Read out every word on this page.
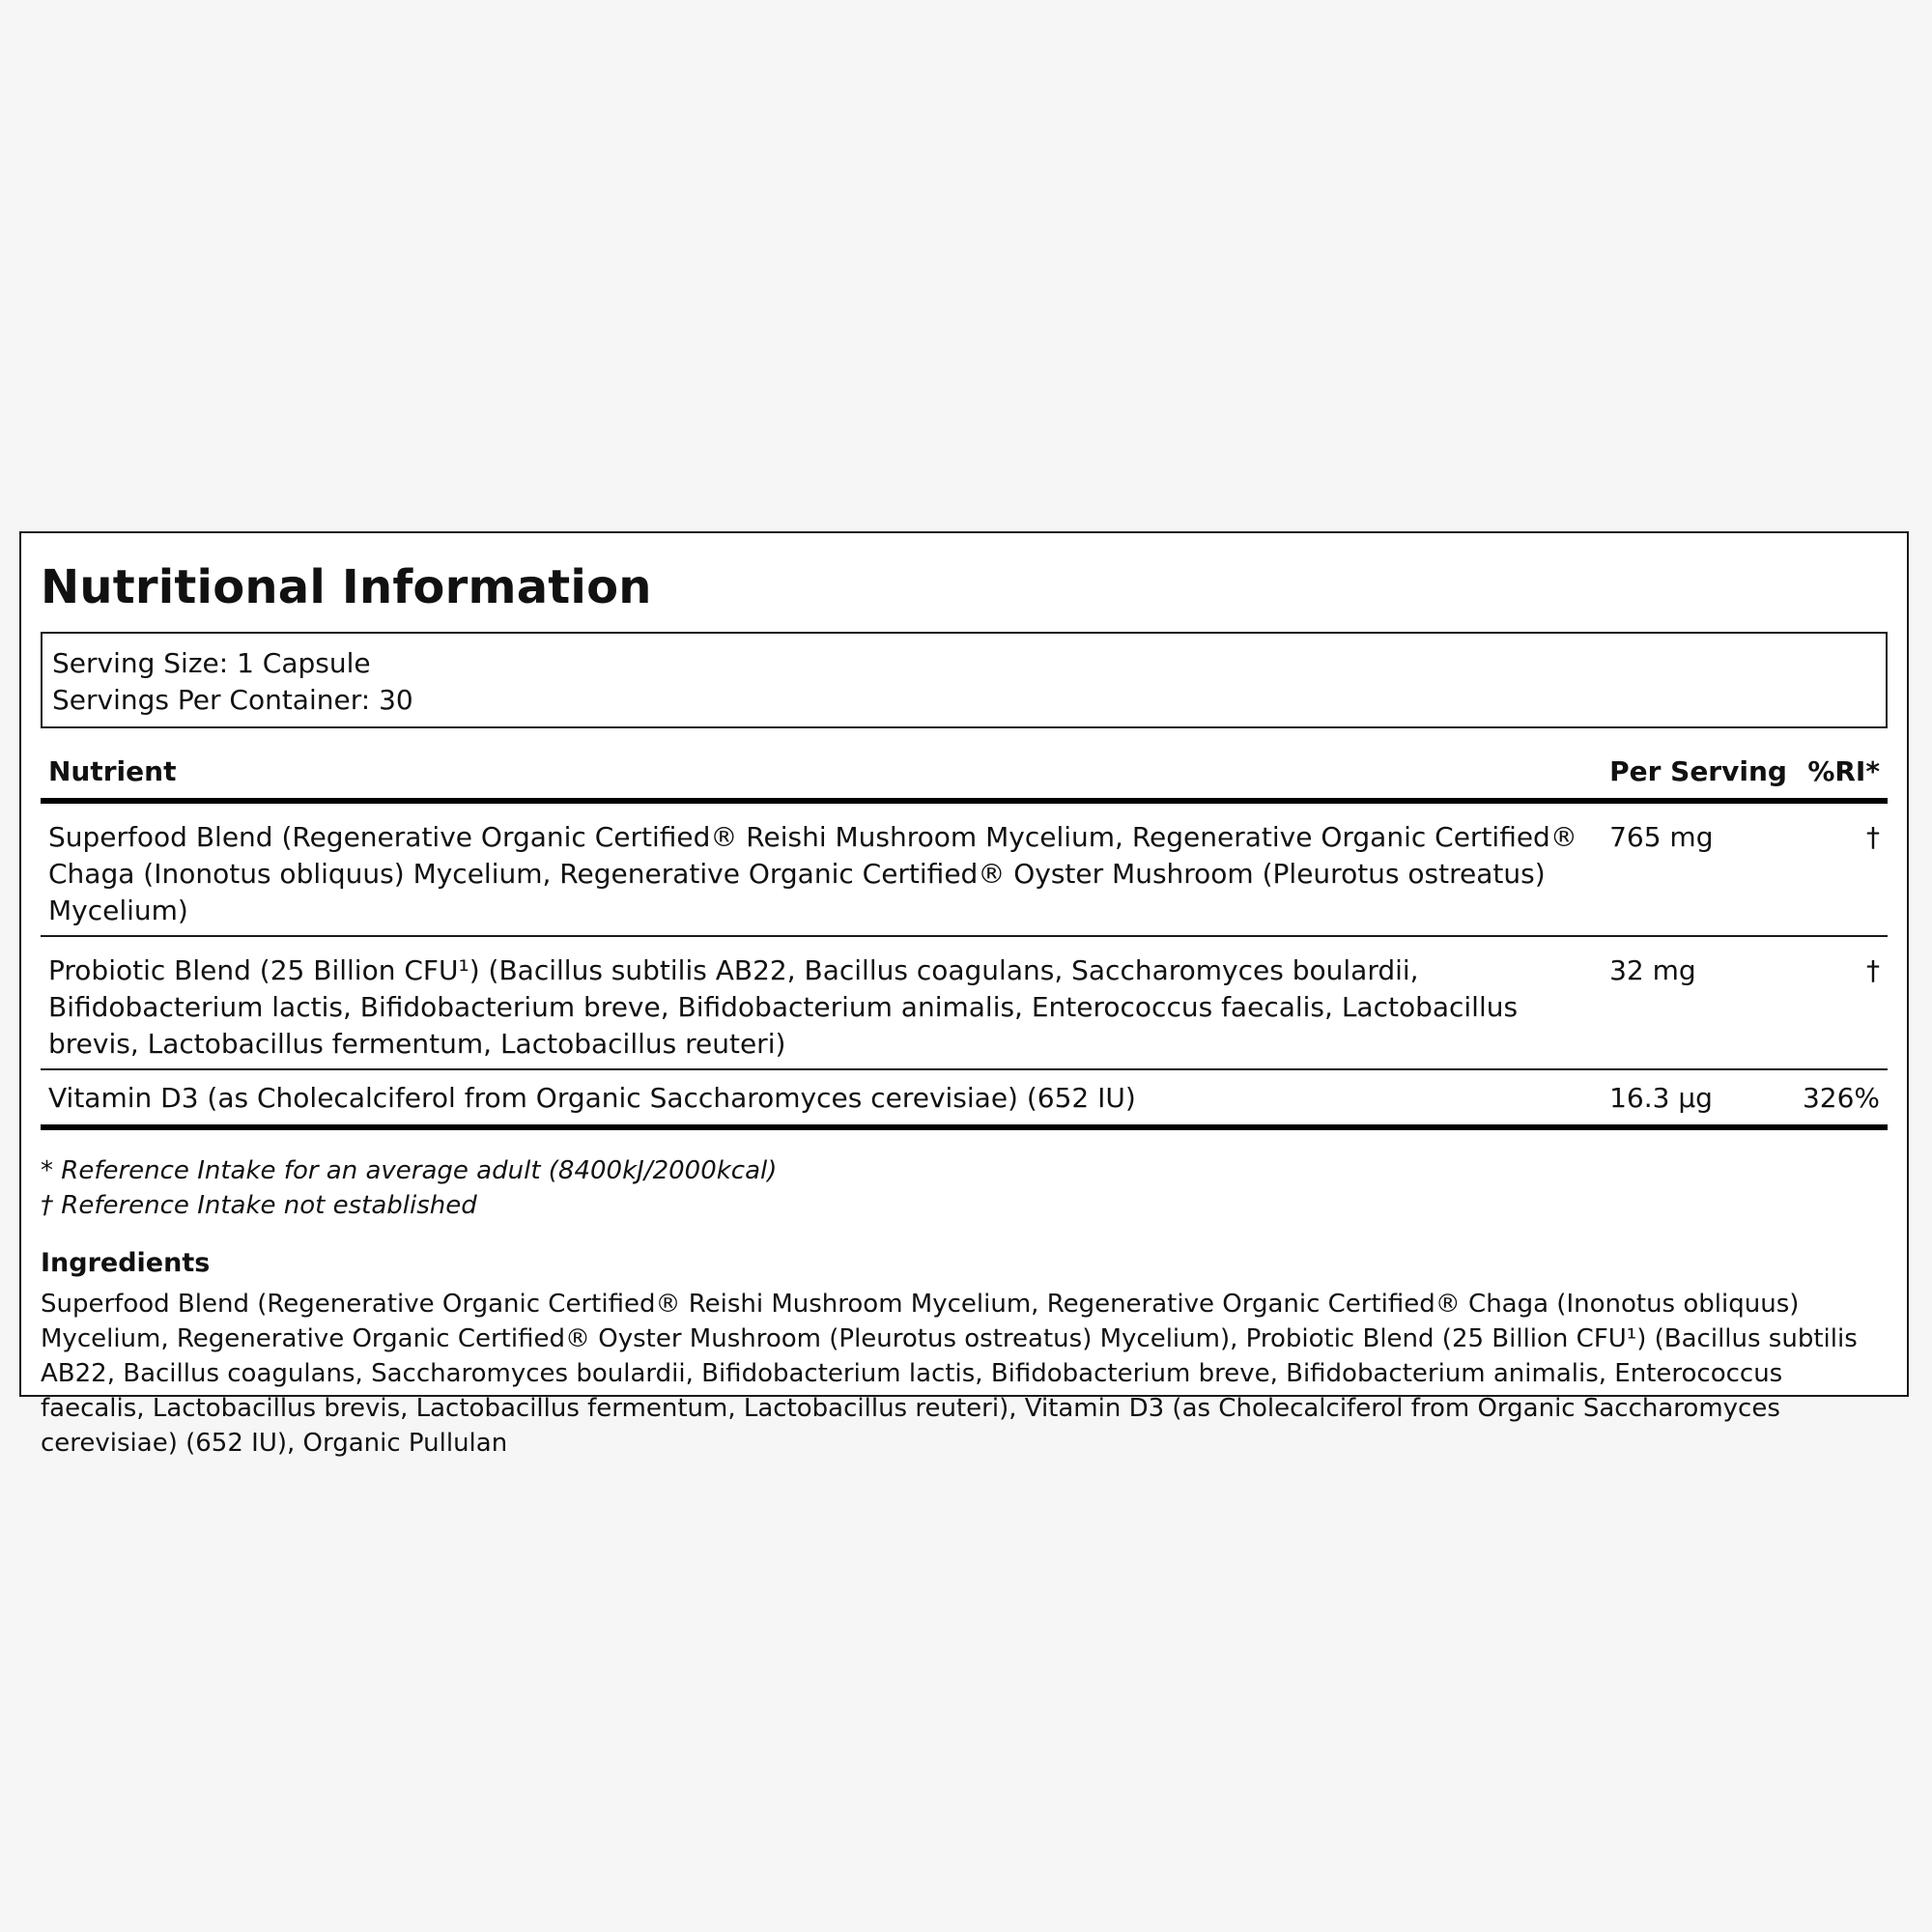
Nutritional Information
Serving Size: 1 Capsule
Servings Per Container: 30
Nutrient	Per Serving	%RI*
Superfood Blend (Regenerative Organic Certified® Reishi Mushroom Mycelium, Regenerative Organic Certified® Chaga (Inonotus obliquus) Mycelium, Regenerative Organic Certified® Oyster Mushroom (Pleurotus ostreatus) Mycelium)	765 mg	†
Probiotic Blend (25 Billion CFU¹) (Bacillus subtilis AB22, Bacillus coagulans, Saccharomyces boulardii, Bifidobacterium lactis, Bifidobacterium breve, Bifidobacterium animalis, Enterococcus faecalis, Lactobacillus brevis, Lactobacillus fermentum, Lactobacillus reuteri)	32 mg	†
Vitamin D3 (as Cholecalciferol from Organic Saccharomyces cerevisiae) (652 IU)	16.3 µg	326%
* Reference Intake for an average adult (8400kJ/2000kcal)
† Reference Intake not established
Ingredients
Superfood Blend (Regenerative Organic Certified® Reishi Mushroom Mycelium, Regenerative Organic Certified® Chaga (Inonotus obliquus) Mycelium, Regenerative Organic Certified® Oyster Mushroom (Pleurotus ostreatus) Mycelium), Probiotic Blend (25 Billion CFU¹) (Bacillus subtilis AB22, Bacillus coagulans, Saccharomyces boulardii, Bifidobacterium lactis, Bifidobacterium breve, Bifidobacterium animalis, Enterococcus faecalis, Lactobacillus brevis, Lactobacillus fermentum, Lactobacillus reuteri), Vitamin D3 (as Cholecalciferol from Organic Saccharomyces cerevisiae) (652 IU), Organic Pullulan
